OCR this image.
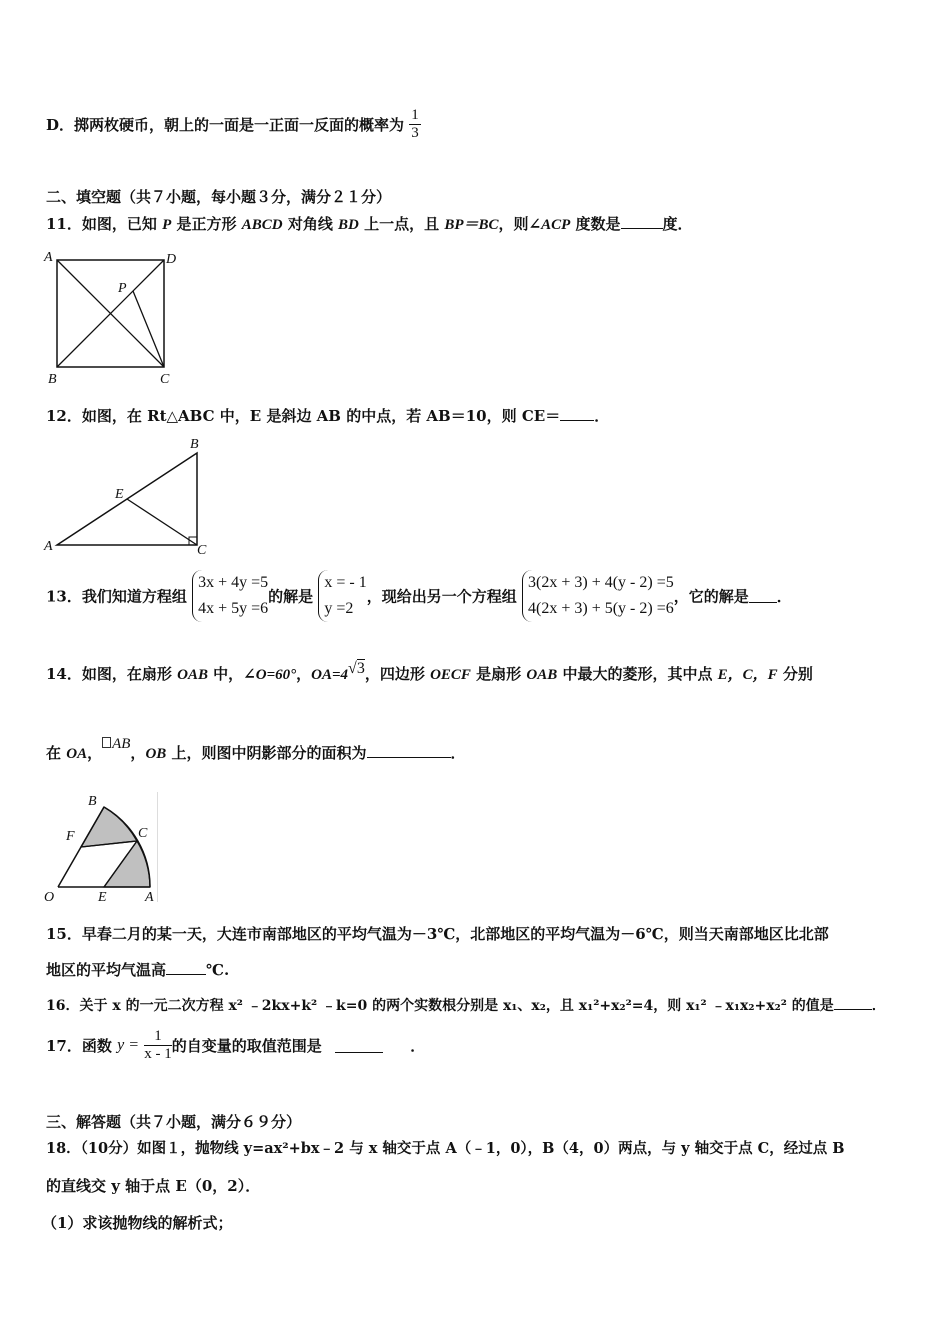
D．掷两枚硬币，朝上的一面是一正面一反面的概率为 $\frac{1}{3}$
二、填空题（共７小题，每小题３分，满分２１分）
11．如图，已知 P 是正方形 ABCD 对角线 BD 上一点，且 BP＝BC，则∠ACP 度数是	度．
A	D
P
B	C
12．如图，在 Rt△ABC 中，E 是斜边 AB 的中点，若 AB＝10，则 CE＝ ．
B
E
A	C
13．我们知道方程组
3x + 4y =5
4x + 5y =6
的解是
x = - 1
y =2
，现给出另一个方程组
3(2x + 3) + 4(y - 2) =5
4(2x + 3) + 5(y - 2) =6
，它的解是 ．
14．如图，在扇形 OAB 中，∠O=60°，OA=4√3，四边形 OECF 是扇形 OAB 中最大的菱形，其中点 E，C，F 分别
在 OA， AB，OB 上，则图中阴影部分的面积为	．
B
F	C
O	E	A
15．早春二月的某一天，大连市南部地区的平均气温为－3℃，北部地区的平均气温为－6℃，则当天南部地区比北部
地区的平均气温高	℃.
16．关于 x 的一元二次方程 x² ﹣2kx+k² ﹣k=0 的两个实数根分别是 x₁、x₂，且 x₁²+x₂²=4，则 x₁² ﹣x₁x₂+x₂² 的值是	．
17．函数 $y = \frac{1}{x - 1}$ 的自变量的取值范围是	．
三、解答题（共７小题，满分６９分）
18．（10分）如图１，抛物线 y=ax²+bx﹣2 与 x 轴交于点 A（﹣1，0），B（4，0）两点，与 y 轴交于点 C，经过点 B
的直线交 y 轴于点 E（0，2）．
（1）求该抛物线的解析式；
